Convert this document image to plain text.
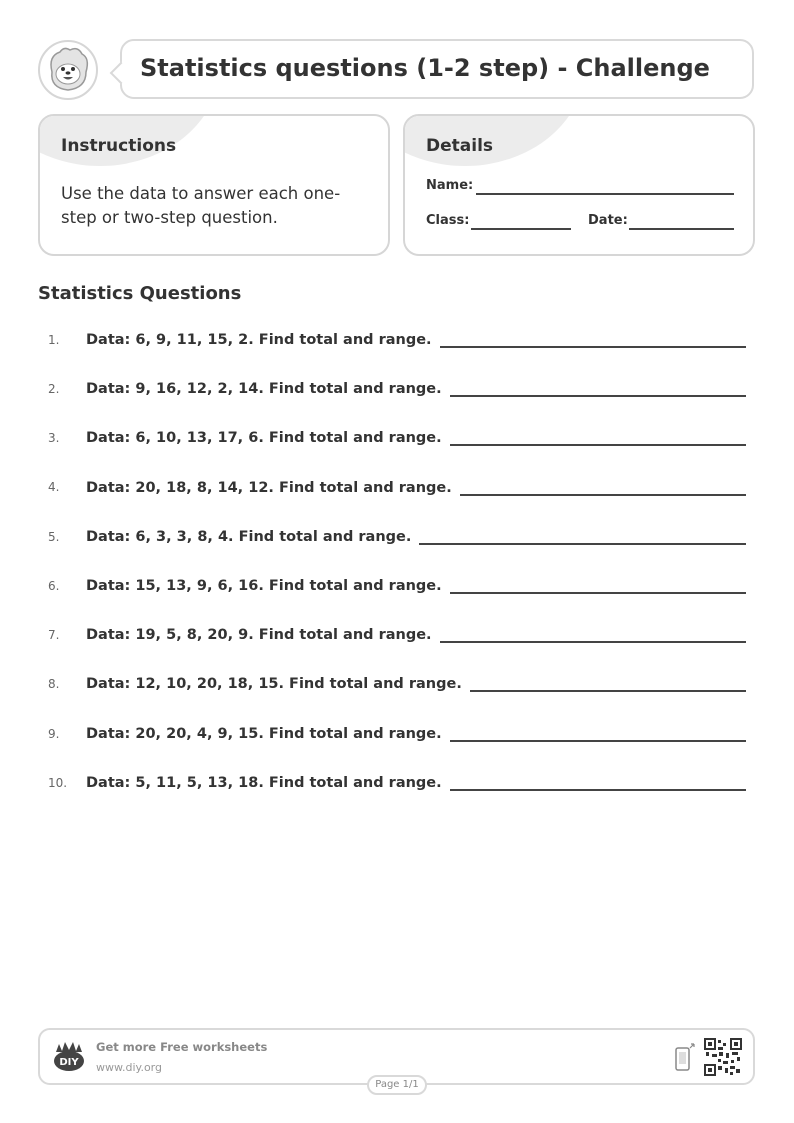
Statistics questions (1-2 step) - Challenge
Instructions

Use the data to answer each one-step or two-step question.

Details
Name:
Class:	Date:
Statistics Questions
1. Data: 6, 9, 11, 15, 2. Find total and range.
2. Data: 9, 16, 12, 2, 14. Find total and range.
3. Data: 6, 10, 13, 17, 6. Find total and range.
4. Data: 20, 18, 8, 14, 12. Find total and range.
5. Data: 6, 3, 3, 8, 4. Find total and range.
6. Data: 15, 13, 9, 6, 16. Find total and range.
7. Data: 19, 5, 8, 20, 9. Find total and range.
8. Data: 12, 10, 20, 18, 15. Find total and range.
9. Data: 20, 20, 4, 9, 15. Find total and range.
10. Data: 5, 11, 5, 13, 18. Find total and range.
DIY
Get more Free worksheets
www.diy.org
Page 1/1
